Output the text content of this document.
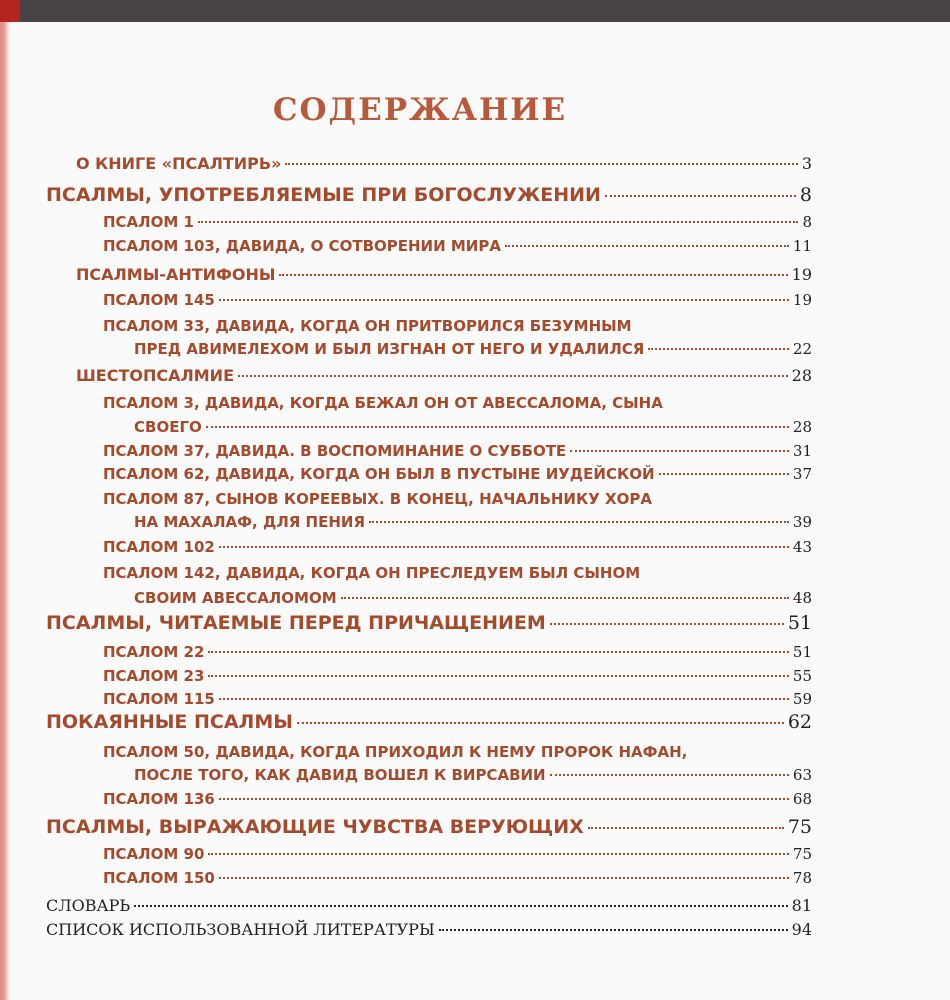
СОДЕРЖАНИЕ
О КНИГЕ «ПСАЛТИРЬ»	3
ПСАЛМЫ, УПОТРЕБЛЯЕМЫЕ ПРИ БОГОСЛУЖЕНИИ	8
ПСАЛОМ 1	8
ПСАЛОМ 103, ДАВИДА, О СОТВОРЕНИИ МИРА	11
ПСАЛМЫ-АНТИФОНЫ	19
ПСАЛОМ 145	19
ПСАЛОМ 33, ДАВИДА, КОГДА ОН ПРИТВОРИЛСЯ БЕЗУМНЫМ
ПРЕД АВИМЕЛЕХОМ И БЫЛ ИЗГНАН ОТ НЕГО И УДАЛИЛСЯ	22
ШЕСТОПСАЛМИЕ	28
ПСАЛОМ 3, ДАВИДА, КОГДА БЕЖАЛ ОН ОТ АВЕССАЛОМА, СЫНА
СВОЕГО	28
ПСАЛОМ 37, ДАВИДА. В ВОСПОМИНАНИЕ О СУББОТЕ	31
ПСАЛОМ 62, ДАВИДА, КОГДА ОН БЫЛ В ПУСТЫНЕ ИУДЕЙСКОЙ	37
ПСАЛОМ 87, СЫНОВ КОРЕЕВЫХ. В КОНЕЦ, НАЧАЛЬНИКУ ХОРА
НА МАХАЛАФ, ДЛЯ ПЕНИЯ	39
ПСАЛОМ 102	43
ПСАЛОМ 142, ДАВИДА, КОГДА ОН ПРЕСЛЕДУЕМ БЫЛ СЫНОМ
СВОИМ АВЕССАЛОМОМ	48
ПСАЛМЫ, ЧИТАЕМЫЕ ПЕРЕД ПРИЧАЩЕНИЕМ	51
ПСАЛОМ 22	51
ПСАЛОМ 23	55
ПСАЛОМ 115	59
ПОКАЯННЫЕ ПСАЛМЫ	62
ПСАЛОМ 50, ДАВИДА, КОГДА ПРИХОДИЛ К НЕМУ ПРОРОК НАФАН,
ПОСЛЕ ТОГО, КАК ДАВИД ВОШЕЛ К ВИРСАВИИ	63
ПСАЛОМ 136	68
ПСАЛМЫ, ВЫРАЖАЮЩИЕ ЧУВСТВА ВЕРУЮЩИХ	75
ПСАЛОМ 90	75
ПСАЛОМ 150	78
СЛОВАРЬ	81
СПИСОК ИСПОЛЬЗОВАННОЙ ЛИТЕРАТУРЫ	94
